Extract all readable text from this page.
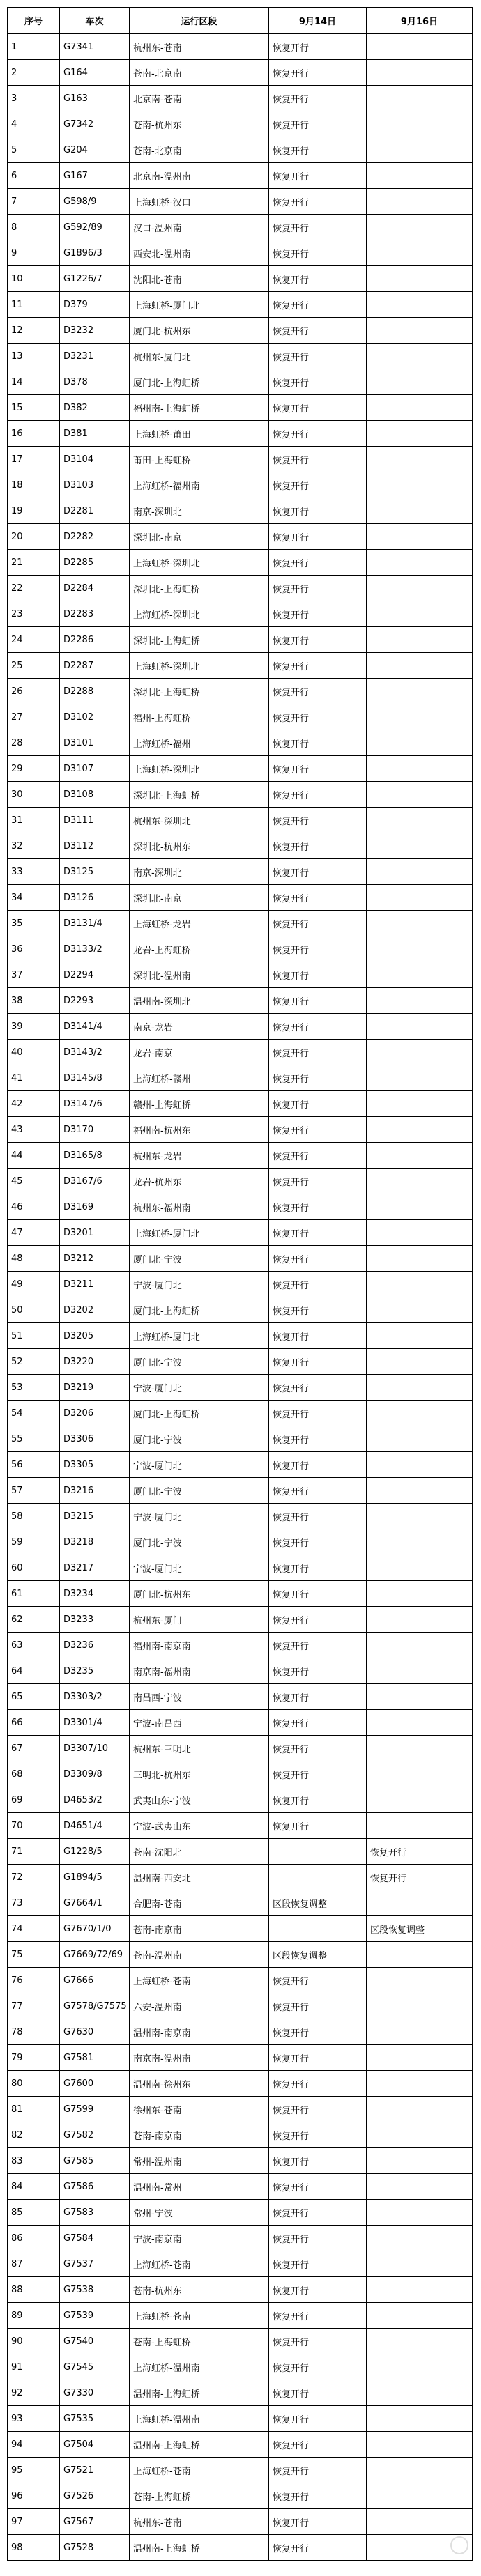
序号	车次	运行区段	9月14日	9月16日
1	G7341	杭州东-苍南	恢复开行	
2	G164	苍南-北京南	恢复开行	
3	G163	北京南-苍南	恢复开行	
4	G7342	苍南-杭州东	恢复开行	
5	G204	苍南-北京南	恢复开行	
6	G167	北京南-温州南	恢复开行	
7	G598/9	上海虹桥-汉口	恢复开行	
8	G592/89	汉口-温州南	恢复开行	
9	G1896/3	西安北-温州南	恢复开行	
10	G1226/7	沈阳北-苍南	恢复开行	
11	D379	上海虹桥-厦门北	恢复开行	
12	D3232	厦门北-杭州东	恢复开行	
13	D3231	杭州东-厦门北	恢复开行	
14	D378	厦门北-上海虹桥	恢复开行	
15	D382	福州南-上海虹桥	恢复开行	
16	D381	上海虹桥-莆田	恢复开行	
17	D3104	莆田-上海虹桥	恢复开行	
18	D3103	上海虹桥-福州南	恢复开行	
19	D2281	南京-深圳北	恢复开行	
20	D2282	深圳北-南京	恢复开行	
21	D2285	上海虹桥-深圳北	恢复开行	
22	D2284	深圳北-上海虹桥	恢复开行	
23	D2283	上海虹桥-深圳北	恢复开行	
24	D2286	深圳北-上海虹桥	恢复开行	
25	D2287	上海虹桥-深圳北	恢复开行	
26	D2288	深圳北-上海虹桥	恢复开行	
27	D3102	福州-上海虹桥	恢复开行	
28	D3101	上海虹桥-福州	恢复开行	
29	D3107	上海虹桥-深圳北	恢复开行	
30	D3108	深圳北-上海虹桥	恢复开行	
31	D3111	杭州东-深圳北	恢复开行	
32	D3112	深圳北-杭州东	恢复开行	
33	D3125	南京-深圳北	恢复开行	
34	D3126	深圳北-南京	恢复开行	
35	D3131/4	上海虹桥-龙岩	恢复开行	
36	D3133/2	龙岩-上海虹桥	恢复开行	
37	D2294	深圳北-温州南	恢复开行	
38	D2293	温州南-深圳北	恢复开行	
39	D3141/4	南京-龙岩	恢复开行	
40	D3143/2	龙岩-南京	恢复开行	
41	D3145/8	上海虹桥-赣州	恢复开行	
42	D3147/6	赣州-上海虹桥	恢复开行	
43	D3170	福州南-杭州东	恢复开行	
44	D3165/8	杭州东-龙岩	恢复开行	
45	D3167/6	龙岩-杭州东	恢复开行	
46	D3169	杭州东-福州南	恢复开行	
47	D3201	上海虹桥-厦门北	恢复开行	
48	D3212	厦门北-宁波	恢复开行	
49	D3211	宁波-厦门北	恢复开行	
50	D3202	厦门北-上海虹桥	恢复开行	
51	D3205	上海虹桥-厦门北	恢复开行	
52	D3220	厦门北-宁波	恢复开行	
53	D3219	宁波-厦门北	恢复开行	
54	D3206	厦门北-上海虹桥	恢复开行	
55	D3306	厦门北-宁波	恢复开行	
56	D3305	宁波-厦门北	恢复开行	
57	D3216	厦门北-宁波	恢复开行	
58	D3215	宁波-厦门北	恢复开行	
59	D3218	厦门北-宁波	恢复开行	
60	D3217	宁波-厦门北	恢复开行	
61	D3234	厦门北-杭州东	恢复开行	
62	D3233	杭州东-厦门	恢复开行	
63	D3236	福州南-南京南	恢复开行	
64	D3235	南京南-福州南	恢复开行	
65	D3303/2	南昌西-宁波	恢复开行	
66	D3301/4	宁波-南昌西	恢复开行	
67	D3307/10	杭州东-三明北	恢复开行	
68	D3309/8	三明北-杭州东	恢复开行	
69	D4653/2	武夷山东-宁波	恢复开行	
70	D4651/4	宁波-武夷山东	恢复开行	
71	G1228/5	苍南-沈阳北		恢复开行
72	G1894/5	温州南-西安北		恢复开行
73	G7664/1	合肥南-苍南	区段恢复调整	
74	G7670/1/0	苍南-南京南		区段恢复调整
75	G7669/72/69	苍南-温州南	区段恢复调整	
76	G7666	上海虹桥-苍南	恢复开行	
77	G7578/G7575	六安-温州南	恢复开行	
78	G7630	温州南-南京南	恢复开行	
79	G7581	南京南-温州南	恢复开行	
80	G7600	温州南-徐州东	恢复开行	
81	G7599	徐州东-苍南	恢复开行	
82	G7582	苍南-南京南	恢复开行	
83	G7585	常州-温州南	恢复开行	
84	G7586	温州南-常州	恢复开行	
85	G7583	常州-宁波	恢复开行	
86	G7584	宁波-南京南	恢复开行	
87	G7537	上海虹桥-苍南	恢复开行	
88	G7538	苍南-杭州东	恢复开行	
89	G7539	上海虹桥-苍南	恢复开行	
90	G7540	苍南-上海虹桥	恢复开行	
91	G7545	上海虹桥-温州南	恢复开行	
92	G7330	温州南-上海虹桥	恢复开行	
93	G7535	上海虹桥-温州南	恢复开行	
94	G7504	温州南-上海虹桥	恢复开行	
95	G7521	上海虹桥-苍南	恢复开行	
96	G7526	苍南-上海虹桥	恢复开行	
97	G7567	杭州东-苍南	恢复开行	
98	G7528	温州南-上海虹桥	恢复开行	
